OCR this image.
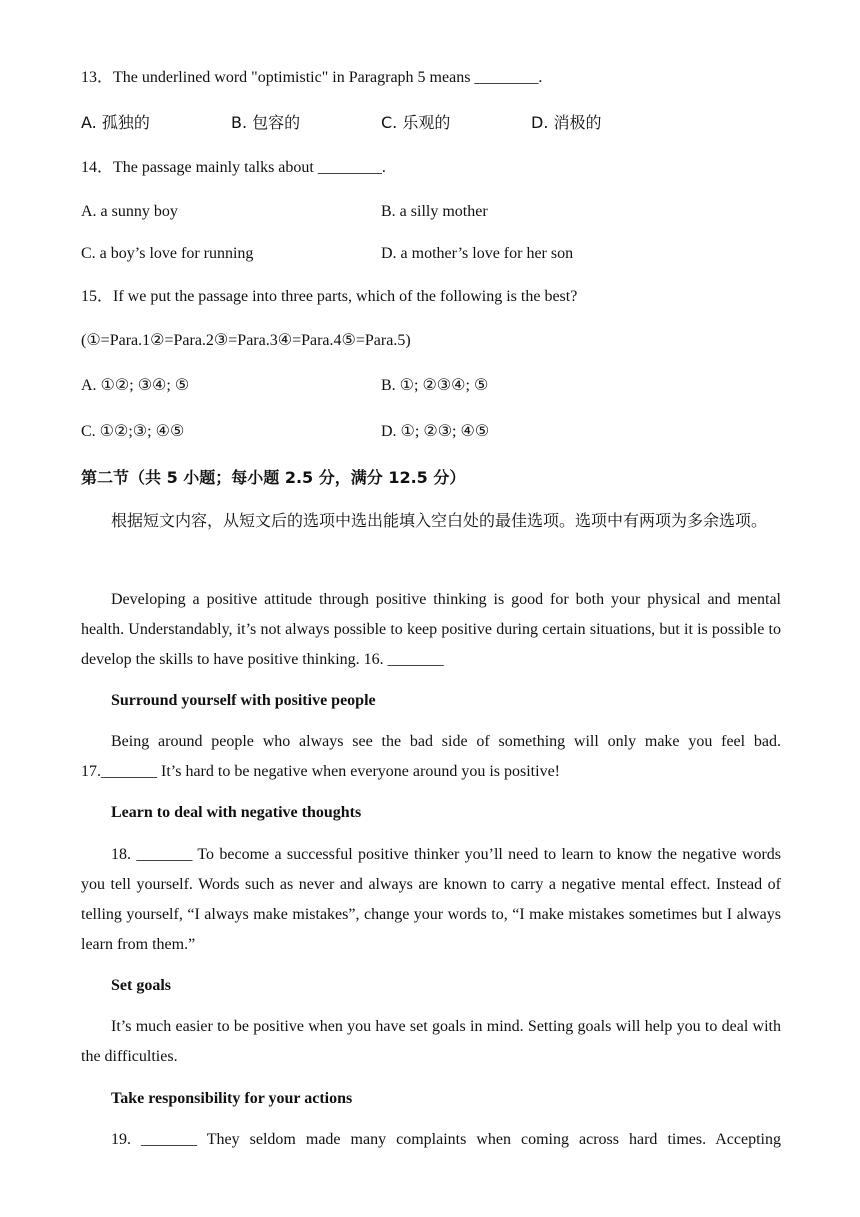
13．The underlined word "optimistic" in Paragraph 5 means ________.
A. 孤独的	B. 包容的	C. 乐观的	D. 消极的
14．The passage mainly talks about ________.
A. a sunny boy	B. a silly mother
C. a boy’s love for running	D. a mother’s love for her son
15．If we put the passage into three parts, which of the following is the best?
(①=Para.1②=Para.2③=Para.3④=Para.4⑤=Para.5)
A. ①②; ③④; ⑤	B. ①; ②③④; ⑤
C. ①②;③; ④⑤	D. ①; ②③; ④⑤
第二节（共 5 小题；每小题 2.5 分，满分 12.5 分）
根据短文内容，从短文后的选项中选出能填入空白处的最佳选项。选项中有两项为多余选项。
Developing a positive attitude through positive thinking is good for both your physical and mental health. Understandably, it’s not always possible to keep positive during certain situations, but it is possible to develop the skills to have positive thinking. 16. _______
Surround yourself with positive people
Being around people who always see the bad side of something will only make you feel bad. 17._______ It’s hard to be negative when everyone around you is positive!
Learn to deal with negative thoughts
18. _______ To become a successful positive thinker you’ll need to learn to know the negative words you tell yourself. Words such as never and always are known to carry a negative mental effect. Instead of telling yourself, “I always make mistakes”, change your words to, “I make mistakes sometimes but I always learn from them.”
Set goals
It’s much easier to be positive when you have set goals in mind. Setting goals will help you to deal with the difficulties.
Take responsibility for your actions
19. _______ They seldom made many complaints when coming across hard times. Accepting
